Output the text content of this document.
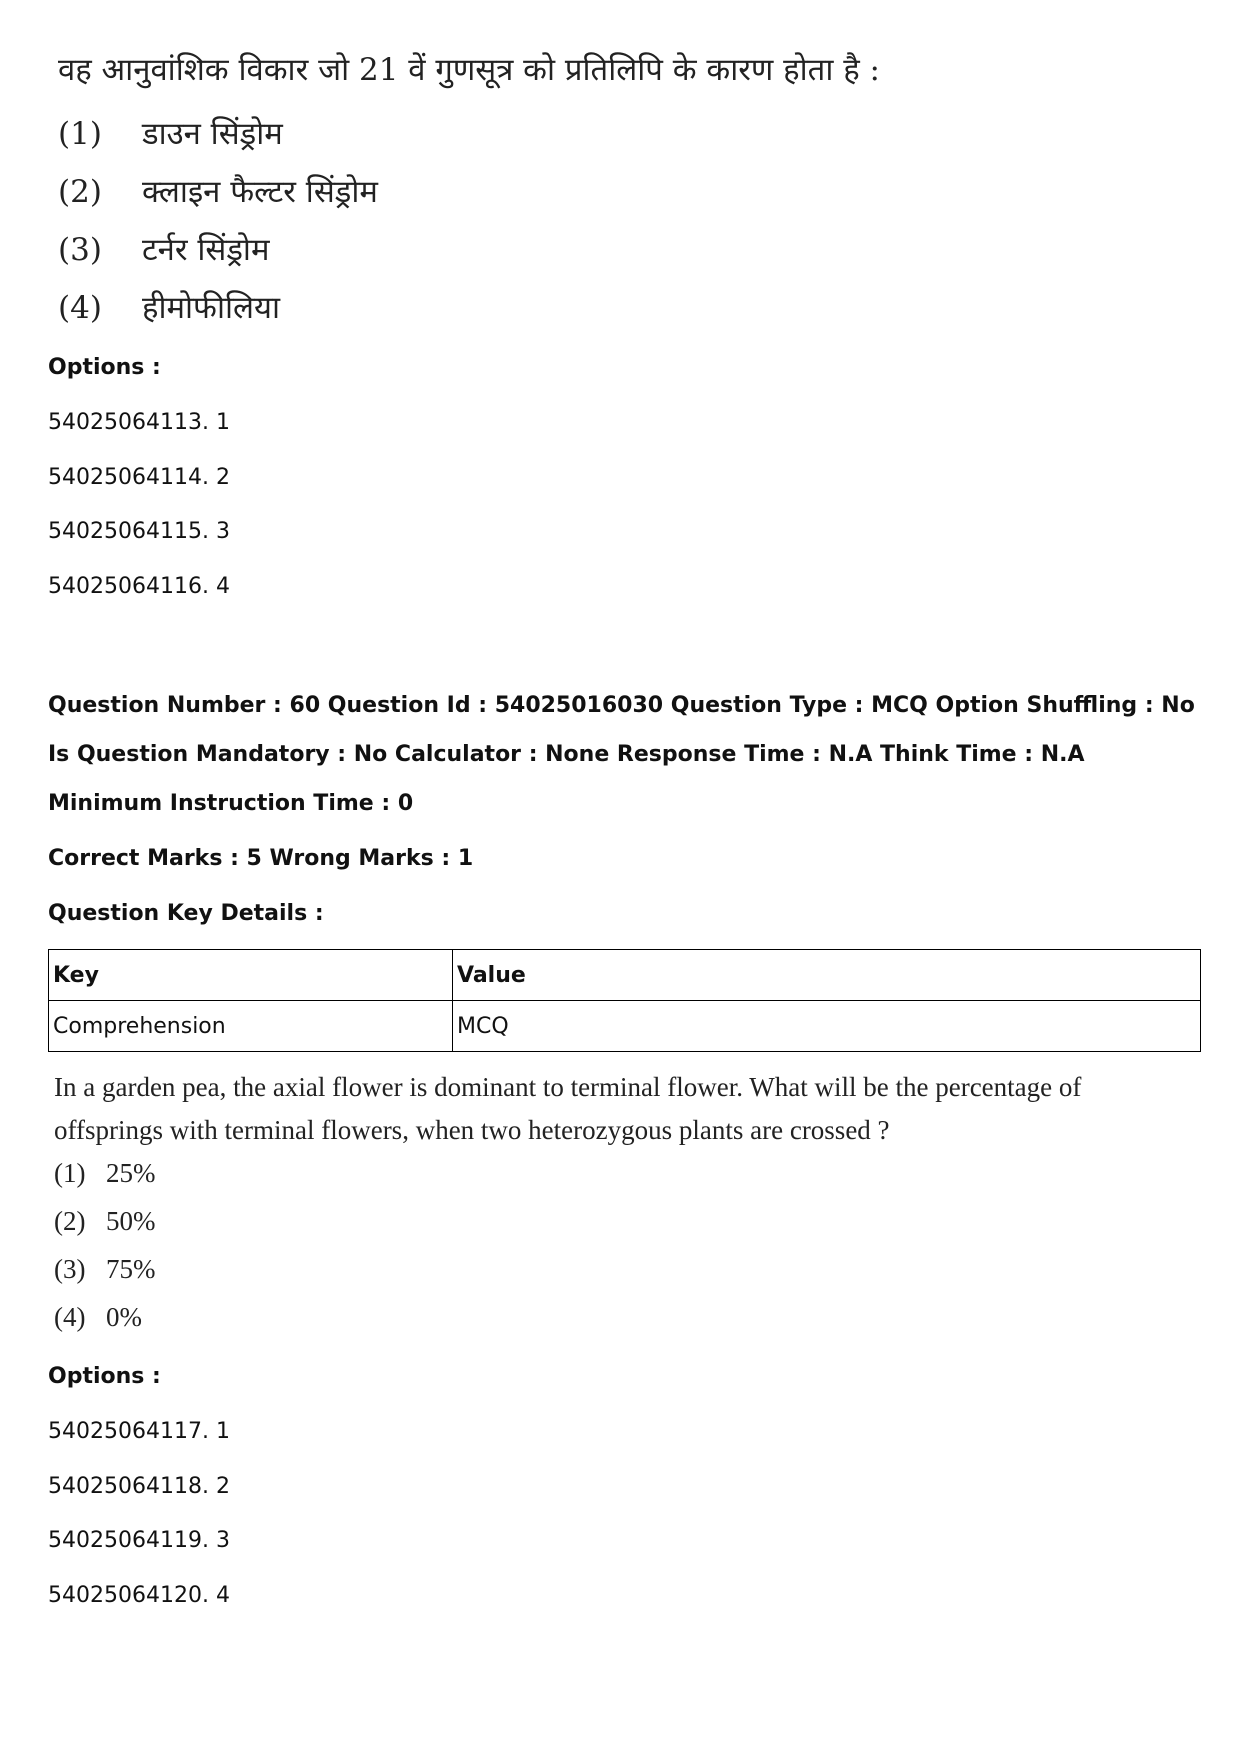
वह आनुवांशिक विकार जो 21 वें गुणसूत्र को प्रतिलिपि के कारण होता है :
(1) डाउन सिंड्रोम
(2) क्लाइन फैल्टर सिंड्रोम
(3) टर्नर सिंड्रोम
(4) हीमोफीलिया
Options :
54025064113. 1
54025064114. 2
54025064115. 3
54025064116. 4
Question Number : 60 Question Id : 54025016030 Question Type : MCQ Option Shuffling : No
Is Question Mandatory : No Calculator : None Response Time : N.A Think Time : N.A
Minimum Instruction Time : 0
Correct Marks : 5 Wrong Marks : 1
Question Key Details :
Key	Value
Comprehension	MCQ
In a garden pea, the axial flower is dominant to terminal flower. What will be the percentage of
offsprings with terminal flowers, when two heterozygous plants are crossed ?
(1) 25%
(2) 50%
(3) 75%
(4) 0%
Options :
54025064117. 1
54025064118. 2
54025064119. 3
54025064120. 4
